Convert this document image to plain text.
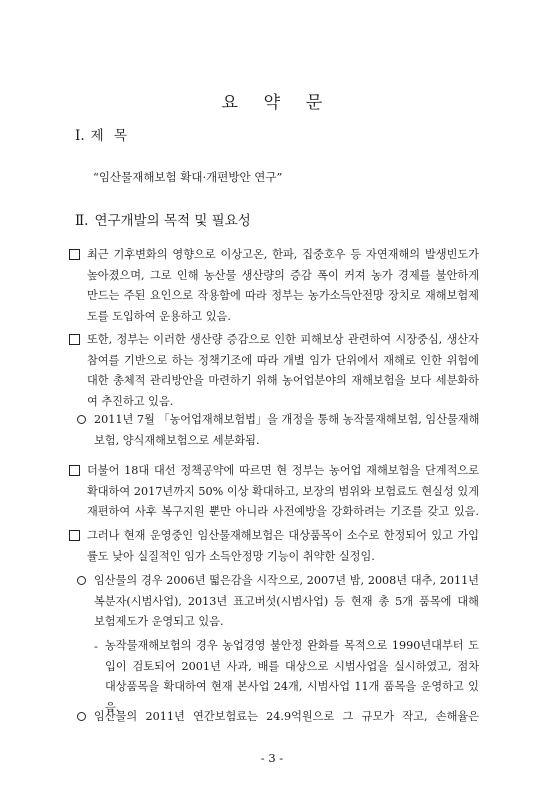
요 약 문
Ⅰ. 제 목
“임산물재해보험 확대·개편방안 연구”
Ⅱ. 연구개발의 목적 및 필요성
최근 기후변화의 영향으로 이상고온, 한파, 집중호우 등 자연재해의 발생빈도가
높아졌으며, 그로 인해 농산물 생산량의 증감 폭이 커져 농가 경제를 불안하게
만드는 주된 요인으로 작용함에 따라 정부는 농가소득안전망 장치로 재해보험제
도를 도입하여 운용하고 있음.
또한, 정부는 이러한 생산량 증감으로 인한 피해보상 관련하여 시장중심, 생산자
참여를 기반으로 하는 정책기조에 따라 개별 임가 단위에서 재해로 인한 위험에
대한 총체적 관리방안을 마련하기 위해 농어업분야의 재해보험을 보다 세분화하
여 추진하고 있음.
2011년 7월 「농어업재해보험법」을 개정을 통해 농작물재해보험, 임산물재해
보험, 양식재해보험으로 세분화됨.
더불어 18대 대선 정책공약에 따르면 현 정부는 농어업 재해보험을 단계적으로
확대하여 2017년까지 50% 이상 확대하고, 보장의 범위와 보험료도 현실성 있게
재편하여 사후 복구지원 뿐만 아니라 사전예방을 강화하려는 기조를 갖고 있음.
그러나 현재 운영중인 임산물재해보험은 대상품목이 소수로 한정되어 있고 가입
률도 낮아 실질적인 임가 소득안정망 기능이 취약한 실정임.
임산물의 경우 2006년 떫은감을 시작으로, 2007년 밤, 2008년 대추, 2011년
복분자(시범사업), 2013년 표고버섯(시범사업) 등 현재 총 5개 품목에 대해
보험제도가 운영되고 있음.
- 농작물재해보험의 경우 농업경영 불안정 완화를 목적으로 1990년대부터 도
입이 검토되어 2001년 사과, 배를 대상으로 시범사업을 실시하였고, 점차
대상품목을 확대하여 현재 본사업 24개, 시범사업 11개 품목을 운영하고 있
음.
임산물의 2011년 연간보험료는 24.9억원으로 그 규모가 작고, 손해율은
- 3 -
